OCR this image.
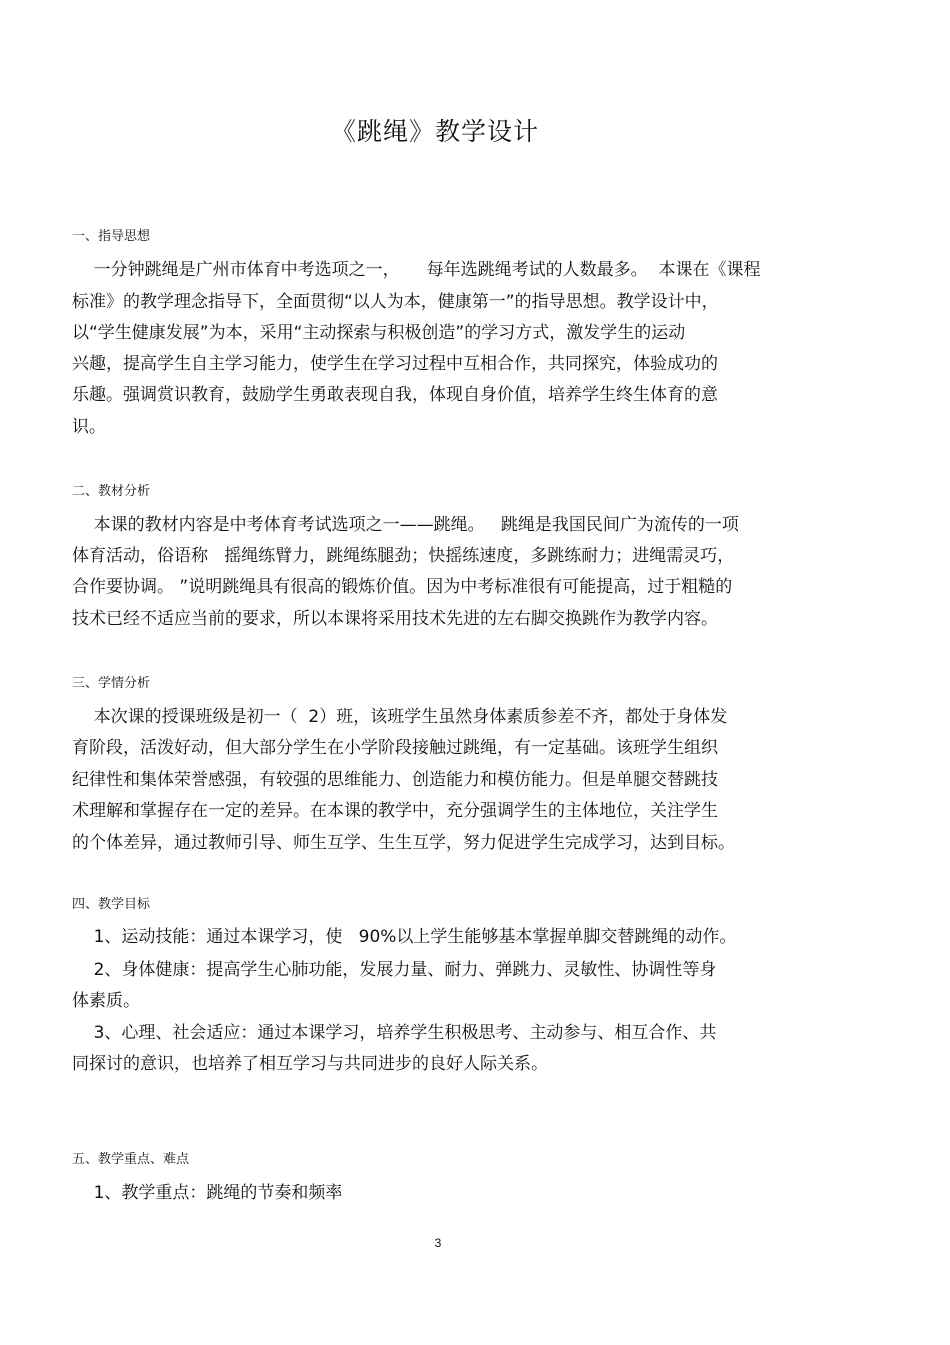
《跳绳》教学设计
一、指导思想
一分钟跳绳是广州市体育中考选项之一，     每年选跳绳考试的人数最多。  本课在《课程
标准》的教学理念指导下，全面贯彻“以人为本，健康第一”的指导思想。教学设计中，
以“学生健康发展”为本，采用“主动探索与积极创造”的学习方式，激发学生的运动
兴趣，提高学生自主学习能力，使学生在学习过程中互相合作，共同探究，体验成功的
乐趣。强调赏识教育，鼓励学生勇敢表现自我，体现自身价值，培养学生终生体育的意
识。
二、教材分析
本课的教材内容是中考体育考试选项之一——跳绳。   跳绳是我国民间广为流传的一项
体育活动，俗语称   摇绳练臂力，跳绳练腿劲；快摇练速度，多跳练耐力；进绳需灵巧，
合作要协调。 ”说明跳绳具有很高的锻炼价值。因为中考标准很有可能提高，过于粗糙的
技术已经不适应当前的要求，所以本课将采用技术先进的左右脚交换跳作为教学内容。
三、学情分析
本次课的授课班级是初一（  2）班，该班学生虽然身体素质参差不齐，都处于身体发
育阶段，活泼好动，但大部分学生在小学阶段接触过跳绳，有一定基础。该班学生组织
纪律性和集体荣誉感强，有较强的思维能力、创造能力和模仿能力。但是单腿交替跳技
术理解和掌握存在一定的差异。在本课的教学中，充分强调学生的主体地位，关注学生
的个体差异，通过教师引导、师生互学、生生互学，努力促进学生完成学习，达到目标。
四、教学目标
1、运动技能：通过本课学习，使   90%以上学生能够基本掌握单脚交替跳绳的动作。
2、身体健康：提高学生心肺功能，发展力量、耐力、弹跳力、灵敏性、协调性等身
体素质。
3、心理、社会适应：通过本课学习，培养学生积极思考、主动参与、相互合作、共
同探讨的意识，也培养了相互学习与共同进步的良好人际关系。
五、教学重点、难点
1、教学重点：跳绳的节奏和频率
3
